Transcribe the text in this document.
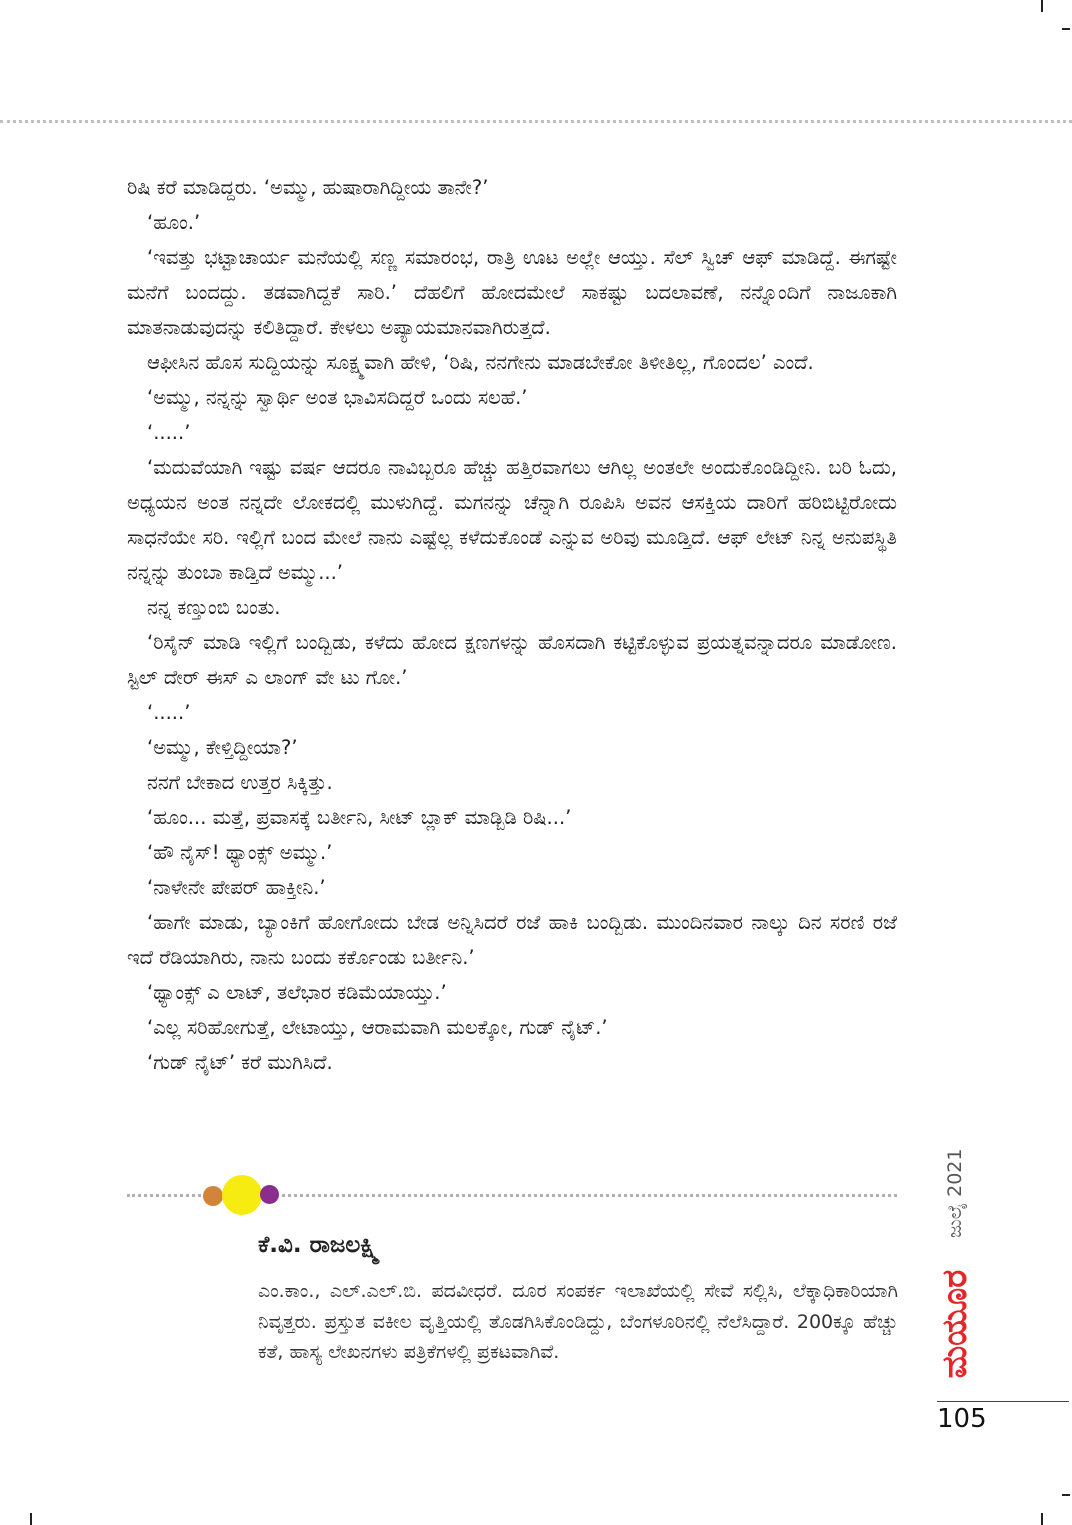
ರಿಷಿ ಕರೆ ಮಾಡಿದ್ದರು. ‘ಅಮ್ಮು, ಹುಷಾರಾಗಿದ್ದೀಯ ತಾನೇ?’

‘ಹೂಂ.’

‘ಇವತ್ತು ಭಟ್ಟಾಚಾರ್ಯ ಮನೆಯಲ್ಲಿ ಸಣ್ಣ ಸಮಾರಂಭ, ರಾತ್ರಿ ಊಟ ಅಲ್ಲೇ ಆಯ್ತು. ಸೆಲ್ ಸ್ವಿಚ್ ಆಫ್ ಮಾಡಿದ್ದೆ. ಈಗಷ್ಟೇ ಮನೆಗೆ ಬಂದದ್ದು. ತಡವಾಗಿದ್ದಕೆ ಸಾರಿ.’ ದೆಹಲಿಗೆ ಹೋದಮೇಲೆ ಸಾಕಷ್ಟು ಬದಲಾವಣೆ, ನನ್ನೊಂದಿಗೆ ನಾಜೂಕಾಗಿ ಮಾತನಾಡುವುದನ್ನು ಕಲಿತಿದ್ದಾರೆ. ಕೇಳಲು ಅಪ್ಯಾಯಮಾನವಾಗಿರುತ್ತದೆ.

ಆಫೀಸಿನ ಹೊಸ ಸುದ್ದಿಯನ್ನು ಸೂಕ್ಷ್ಮವಾಗಿ ಹೇಳಿ, ‘ರಿಷಿ, ನನಗೇನು ಮಾಡಬೇಕೋ ತಿಳೀತಿಲ್ಲ, ಗೊಂದಲ’ ಎಂದೆ.

‘ಅಮ್ಮು, ನನ್ನನ್ನು ಸ್ವಾರ್ಥಿ ಅಂತ ಭಾವಿಸದಿದ್ದರೆ ಒಂದು ಸಲಹೆ.’

‘.....’

‘ಮದುವೆಯಾಗಿ ಇಷ್ಟು ವರ್ಷ ಆದರೂ ನಾವಿಬ್ಬರೂ ಹೆಚ್ಚು ಹತ್ತಿರವಾಗಲು ಆಗಿಲ್ಲ ಅಂತಲೇ ಅಂದುಕೊಂಡಿದ್ದೀನಿ. ಬರಿ ಓದು, ಅಧ್ಯಯನ ಅಂತ ನನ್ನದೇ ಲೋಕದಲ್ಲಿ ಮುಳುಗಿದ್ದೆ. ಮಗನನ್ನು ಚೆನ್ನಾಗಿ ರೂಪಿಸಿ ಅವನ ಆಸಕ್ತಿಯ ದಾರಿಗೆ ಹರಿಬಿಟ್ಟಿರೋದು ಸಾಧನೆಯೇ ಸರಿ. ಇಲ್ಲಿಗೆ ಬಂದ ಮೇಲೆ ನಾನು ಎಷ್ಟೆಲ್ಲ ಕಳೆದುಕೊಂಡೆ ಎನ್ನುವ ಅರಿವು ಮೂಡ್ತಿದೆ. ಆಫ್ ಲೇಟ್ ನಿನ್ನ ಅನುಪಸ್ಥಿತಿ ನನ್ನನ್ನು ತುಂಬಾ ಕಾಡ್ತಿದೆ ಅಮ್ಮು...’

ನನ್ನ ಕಣ್ತುಂಬಿ ಬಂತು.

‘ರಿಸೈನ್ ಮಾಡಿ ಇಲ್ಲಿಗೆ ಬಂದ್ಬಿಡು, ಕಳೆದು ಹೋದ ಕ್ಷಣಗಳನ್ನು ಹೊಸದಾಗಿ ಕಟ್ಟಿಕೊಳ್ಳುವ ಪ್ರಯತ್ನವನ್ನಾದರೂ ಮಾಡೋಣ. ಸ್ಟಿಲ್ ದೇರ್ ಈಸ್ ಎ ಲಾಂಗ್ ವೇ ಟು ಗೋ.’

‘.....’

‘ಅಮ್ಮು, ಕೇಳ್ತಿದ್ದೀಯಾ?’

ನನಗೆ ಬೇಕಾದ ಉತ್ತರ ಸಿಕ್ಕಿತ್ತು.

‘ಹೂಂ... ಮತ್ತೆ, ಪ್ರವಾಸಕ್ಕೆ ಬರ್ತೀನಿ, ಸೀಟ್ ಬ್ಲಾಕ್ ಮಾಡ್ಬಿಡಿ ರಿಷಿ...’

‘ಹೌ ನೈಸ್! ಥ್ಯಾಂಕ್ಸ್ ಅಮ್ಮು.’

‘ನಾಳೇನೇ ಪೇಪರ್ ಹಾಕ್ತೀನಿ.’

‘ಹಾಗೇ ಮಾಡು, ಬ್ಯಾಂಕಿಗೆ ಹೋಗೋದು ಬೇಡ ಅನ್ನಿಸಿದರೆ ರಜೆ ಹಾಕಿ ಬಂದ್ಬಿಡು. ಮುಂದಿನವಾರ ನಾಲ್ಕು ದಿನ ಸರಣಿ ರಜೆ ಇದೆ ರೆಡಿಯಾಗಿರು, ನಾನು ಬಂದು ಕರ್ಕೊಂಡು ಬರ್ತೀನಿ.’

‘ಥ್ಯಾಂಕ್ಸ್ ಎ ಲಾಟ್, ತಲೆಭಾರ ಕಡಿಮೆಯಾಯ್ತು.’

‘ಎಲ್ಲ ಸರಿಹೋಗುತ್ತೆ, ಲೇಟಾಯ್ತು, ಆರಾಮವಾಗಿ ಮಲಕ್ಕೋ, ಗುಡ್ ನೈಟ್.’

‘ಗುಡ್ ನೈಟ್’ ಕರೆ ಮುಗಿಸಿದೆ.

ಕೆ.ವಿ. ರಾಜಲಕ್ಷ್ಮಿ
ಎಂ.ಕಾಂ., ಎಲ್.ಎಲ್.ಬಿ. ಪದವೀಧರೆ. ದೂರ ಸಂಪರ್ಕ ಇಲಾಖೆಯಲ್ಲಿ ಸೇವೆ ಸಲ್ಲಿಸಿ, ಲೆಕ್ಕಾಧಿಕಾರಿಯಾಗಿ ನಿವೃತ್ತರು. ಪ್ರಸ್ತುತ ವಕೀಲ ವೃತ್ತಿಯಲ್ಲಿ ತೊಡಗಿಸಿಕೊಂಡಿದ್ದು, ಬೆಂಗಳೂರಿನಲ್ಲಿ ನೆಲೆಸಿದ್ದಾರೆ. 200ಕ್ಕೂ ಹೆಚ್ಚು ಕತೆ, ಹಾಸ್ಯ ಲೇಖನಗಳು ಪತ್ರಿಕೆಗಳಲ್ಲಿ ಪ್ರಕಟವಾಗಿವೆ.
ಜುಲೈ 2021
ಮಯೂರ
105
